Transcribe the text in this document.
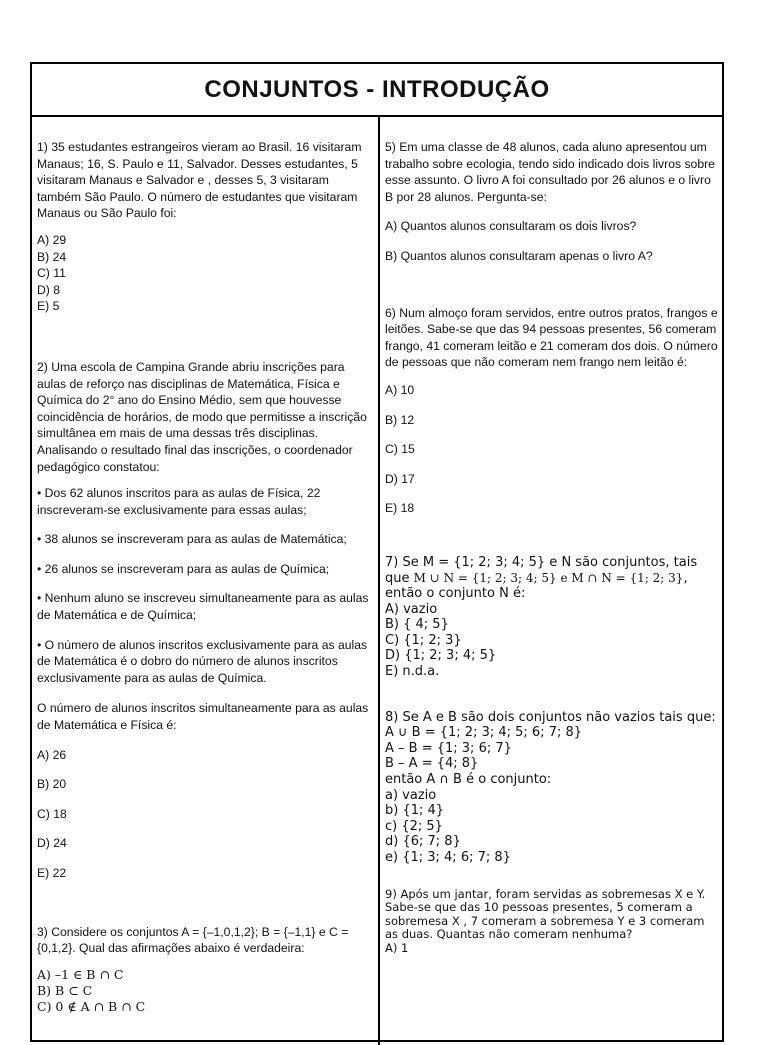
CONJUNTOS - INTRODUÇÃO

1) 35 estudantes estrangeiros vieram ao Brasil. 16 visitaram Manaus; 16, S. Paulo e 11, Salvador. Desses estudantes, 5 visitaram Manaus e Salvador e , desses 5, 3 visitaram também São Paulo. O número de estudantes que visitaram Manaus ou São Paulo foi:

A) 29
B) 24
C) 11
D) 8
E) 5

2) Uma escola de Campina Grande abriu inscrições para aulas de reforço nas disciplinas de Matemática, Física e Química do 2° ano do Ensino Médio, sem que houvesse coincidência de horários, de modo que permitisse a inscrição simultânea em mais de uma dessas três disciplinas. Analisando o resultado final das inscrições, o coordenador pedagógico constatou:

• Dos 62 alunos inscritos para as aulas de Física, 22 inscreveram-se exclusivamente para essas aulas;
• 38 alunos se inscreveram para as aulas de Matemática;
• 26 alunos se inscreveram para as aulas de Química;
• Nenhum aluno se inscreveu simultaneamente para as aulas de Matemática e de Química;
• O número de alunos inscritos exclusivamente para as aulas de Matemática é o dobro do número de alunos inscritos exclusivamente para as aulas de Química.
O número de alunos inscritos simultaneamente para as aulas de Matemática e Física é:
A) 26
B) 20
C) 18
D) 24
E) 22

3) Considere os conjuntos A = {–1,0,1,2}; B = {–1,1} e C = {0,1,2}. Qual das afirmações abaixo é verdadeira:

A) –1 ∈ B ∩ C
B) B ⊂ C
C) 0 ∉ A ∩ B ∩ C

5) Em uma classe de 48 alunos, cada aluno apresentou um trabalho sobre ecologia, tendo sido indicado dois livros sobre esse assunto. O livro A foi consultado por 26 alunos e o livro B por 28 alunos. Pergunta-se:

A) Quantos alunos consultaram os dois livros?

B) Quantos alunos consultaram apenas o livro A?

6) Num almoço foram servidos, entre outros pratos, frangos e leitões. Sabe-se que das 94 pessoas presentes, 56 comeram frango, 41 comeram leitão e 21 comeram dos dois. O número de pessoas que não comeram nem frango nem leitão é:

A) 10
B) 12
C) 15
D) 17
E) 18

7) Se M = {1; 2; 3; 4; 5} e N são conjuntos, tais que M ∪ N = {1; 2; 3; 4; 5} e M ∩ N = {1; 2; 3}, então o conjunto N é:

A) vazio
B) { 4; 5}
C) {1; 2; 3}
D) {1; 2; 3; 4; 5}
E) n.d.a.

8) Se A e B são dois conjuntos não vazios tais que:

A ∪ B = {1; 2; 3; 4; 5; 6; 7; 8}
A – B = {1; 3; 6; 7}
B – A = {4; 8}
então A ∩ B é o conjunto:
a) vazio
b) {1; 4}
c) {2; 5}
d) {6; 7; 8}
e) {1; 3; 4; 6; 7; 8}

9) Após um jantar, foram servidas as sobremesas X e Y. Sabe-se que das 10 pessoas presentes, 5 comeram a sobremesa X , 7 comeram a sobremesa Y e 3 comeram as duas. Quantas não comeram nenhuma?

A) 1
